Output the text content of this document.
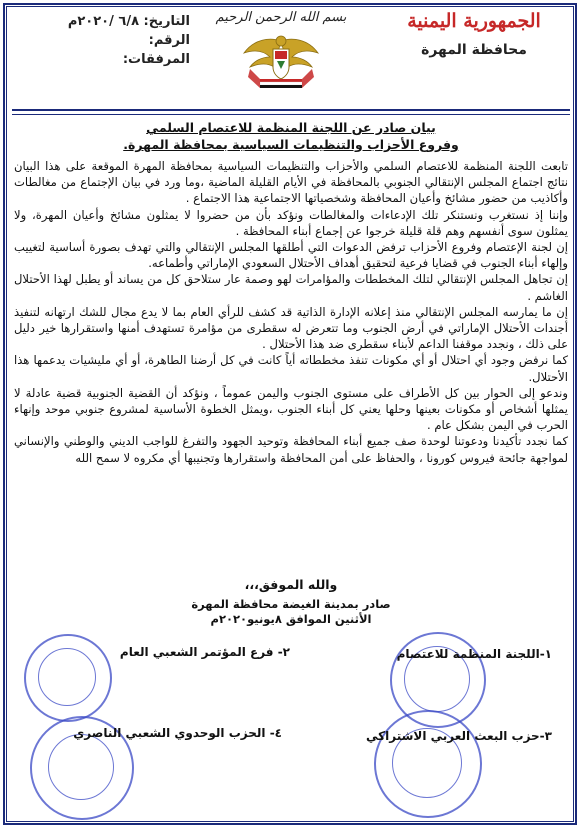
الجمهورية اليمنية
محافظة المهرة
بسم الله الرحمن الرحيم
التاريخ: ٦/٨ /٢٠٢٠م
الرقم:
المرفقات:
بيان صادر عن اللجنة المنظمة للاعتصام السلمي
وفروع الأحزاب والتنظيمات السياسية بمحافظة المهرة.

تابعت اللجنة المنظمة للاعتصام السلمي والأحزاب والتنظيمات السياسية بمحافظة المهرة الموقعة على هذا البيان نتائج اجتماع المجلس الإنتقالي الجنوبي بالمحافظة في الأيام القليلة الماضية ،وما ورد في بيان الإجتماع من مغالطات وأكاذيب من حضور مشائخ وأعيان المحافظة وشخصياتها الاجتماعية هذا الاجتماع .

وإننا إذ نستغرب ونستنكر تلك الإدعاءات والمغالطات ونؤكد بأن من حضروا لا يمثلون مشائخ وأعيان المهرة، ولا يمثلون سوى أنفسهم وهم قلة قليلة خرجوا عن إجماع أبناء المحافظة .

إن لجنة الإعتصام وفروع الأحزاب ترفض الدعوات التي أطلقها المجلس الإنتقالي والتي تهدف بصورة أساسية لتغييب وإلهاء أبناء الجنوب في قضايا فرعية لتحقيق أهداف الأحتلال السعودي الإماراتي وأطماعه.

إن تجاهل المجلس الإنتقالي لتلك المخططات والمؤامرات لهو وصمة عار ستلاحق كل من يساند أو يطبل لهذا الأحتلال الغاشم .

إن ما يمارسه المجلس الإنتقالي منذ إعلانه الإدارة الذاتية قد كشف للرأي العام بما لا يدع مجال للشك ارتهانه لتنفيذ أجندات الأحتلال الإماراتي في أرض الجنوب وما تتعرض له سقطرى من مؤامرة تستهدف أمنها واستقرارها خير دليل على ذلك ، ونجدد موقفنا الداعم لأبناء سقطرى ضد هذا الأحتلال .

كما نرفض وجود أي احتلال أو أي مكونات تنفذ مخططاته أياً كانت في كل أرضنا الطاهرة، أو أي مليشيات يدعمها هذا الأحتلال.

وندعو إلى الحوار بين كل الأطراف على مستوى الجنوب واليمن عموماً ، ونؤكد أن القضية الجنوبية قضية عادلة لا يمثلها أشخاص أو مكونات بعينها وحلها يعني كل أبناء الجنوب ،ويمثل الخطوة الأساسية لمشروع جنوبي موحد وإنهاء الحرب في اليمن بشكل عام .

كما نجدد تأكيدنا ودعوتنا لوحدة صف جميع أبناء المحافظة وتوحيد الجهود والتفرغ للواجب الديني والوطني والإنساني لمواجهة جائحة فيروس كورونا ، والحفاظ على أمن المحافظة واستقرارها وتجنيبها أي مكروه لا سمح الله

والله الموفق،،،
صادر بمدينة الغيضة محافظة المهرة
الأثنين الموافق ٨يونيو٢٠٢٠م
١-اللجنة المنظمة للاعتصام
٢- فرع المؤتمر الشعبي العام
٣-حزب البعث العربي الاشتراكي
٤- الحزب الوحدوي الشعبي الناصري
